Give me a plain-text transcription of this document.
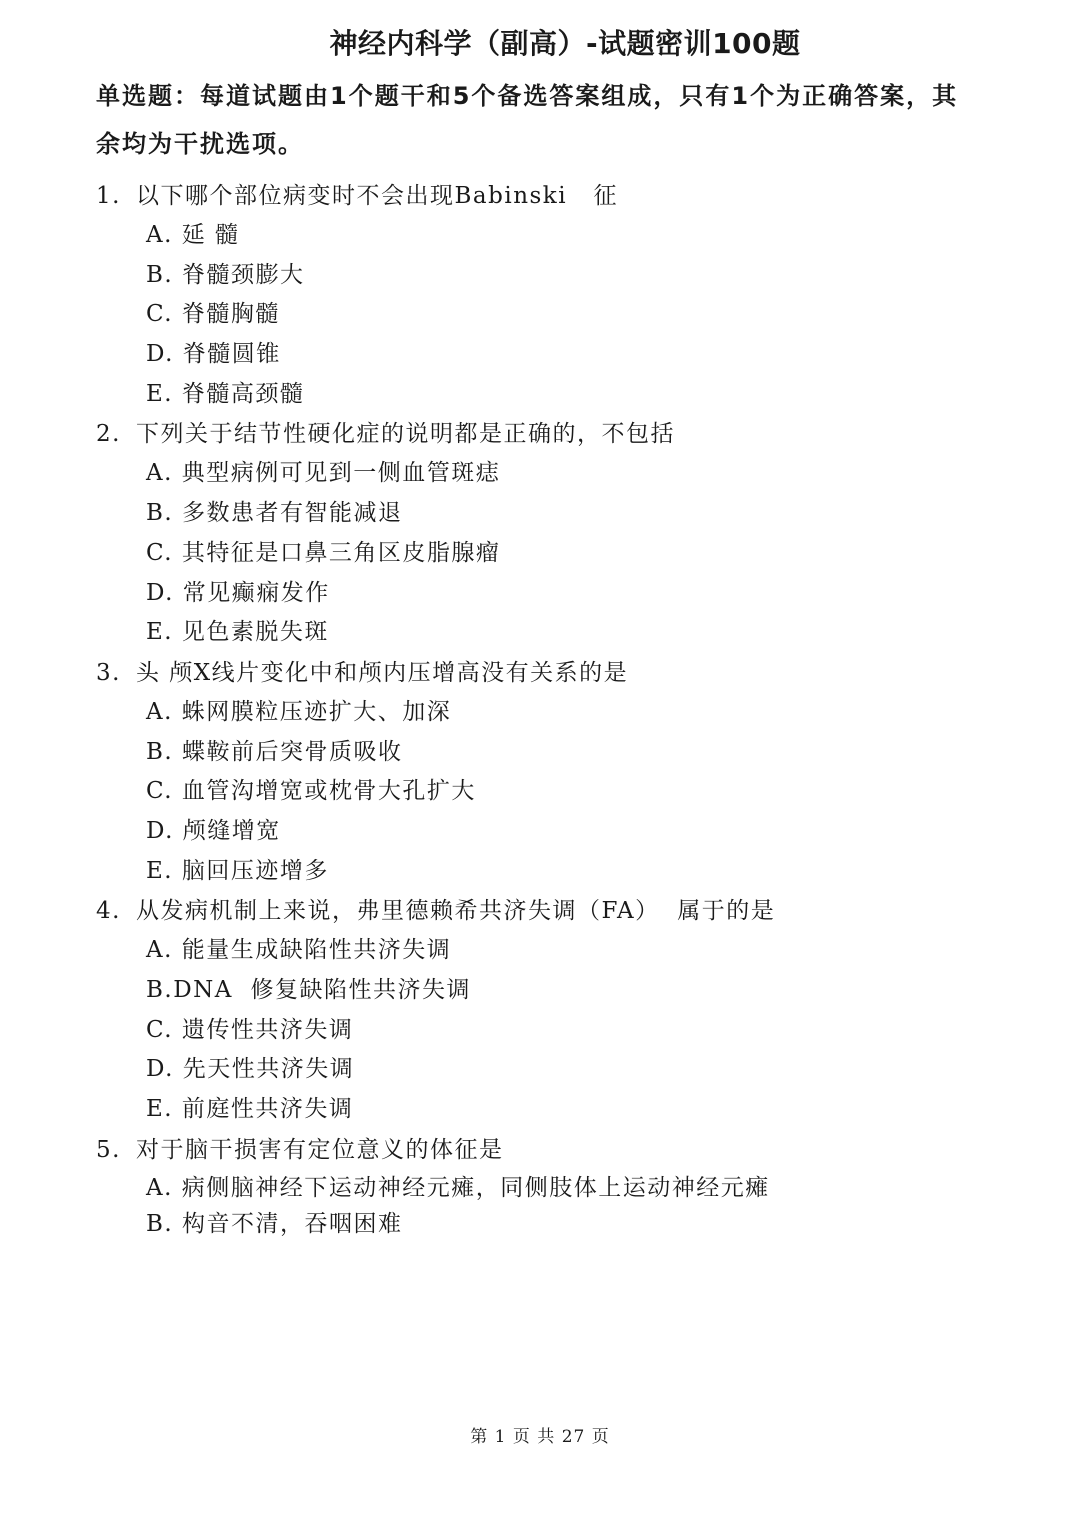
神经内科学（副高）-试题密训100题
单选题：每道试题由1个题干和5个备选答案组成，只有1个为正确答案，其余均为干扰选项。
1. 以下哪个部位病变时不会出现Babinski   征
A. 延 髓
B. 脊髓颈膨大
C. 脊髓胸髓
D. 脊髓圆锥
E. 脊髓高颈髓
2. 下列关于结节性硬化症的说明都是正确的，不包括
A. 典型病例可见到一侧血管斑痣
B. 多数患者有智能减退
C. 其特征是口鼻三角区皮脂腺瘤
D. 常见癫痫发作
E. 见色素脱失斑
3. 头 颅X线片变化中和颅内压增高没有关系的是
A. 蛛网膜粒压迹扩大、加深
B. 蝶鞍前后突骨质吸收
C. 血管沟增宽或枕骨大孔扩大
D. 颅缝增宽
E. 脑回压迹增多
4. 从发病机制上来说，弗里德赖希共济失调（FA）  属于的是
A. 能量生成缺陷性共济失调
B.DNA  修复缺陷性共济失调
C. 遗传性共济失调
D. 先天性共济失调
E. 前庭性共济失调
5. 对于脑干损害有定位意义的体征是
A. 病侧脑神经下运动神经元瘫，同侧肢体上运动神经元瘫
B. 构音不清，吞咽困难
第 1 页 共 27 页
